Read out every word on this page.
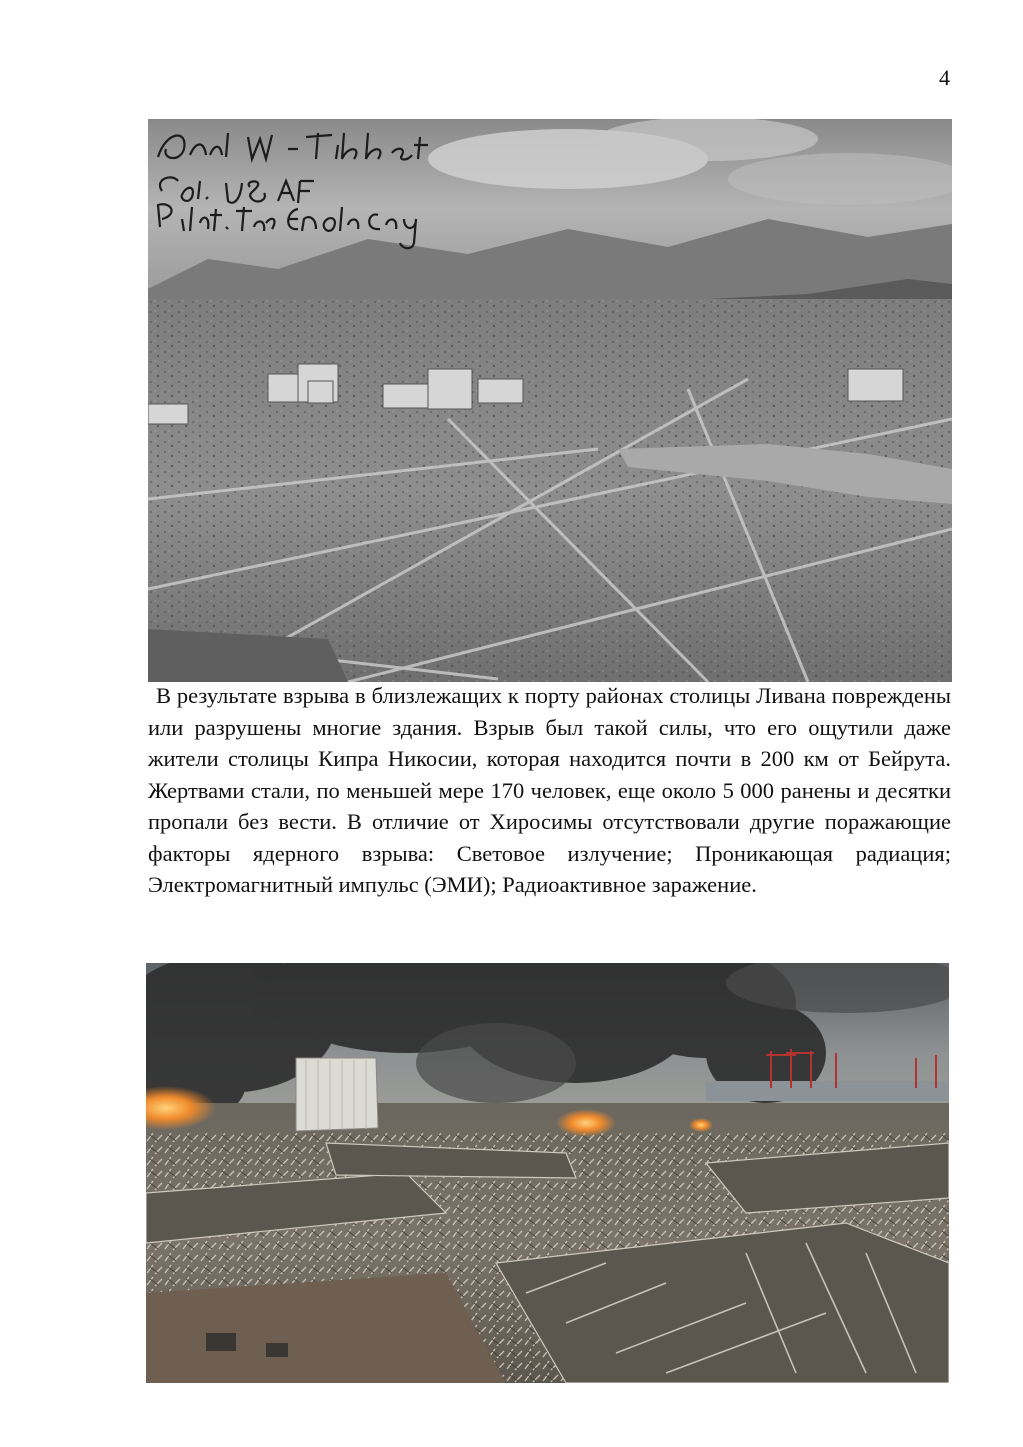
4

В результате взрыва в близлежащих к порту районах столицы Ливана повреждены или разрушены многие здания. Взрыв был такой силы, что его ощутили даже жители столицы Кипра Никосии, которая находится почти в 200 км от Бейрута. Жертвами стали, по меньшей мере 170 человек, еще около 5 000 ранены и десятки пропали без вести. В отличие от Хиросимы отсутствовали другие поражающие факторы ядерного взрыва: Световое излучение; Проникающая радиация; Электромагнитный импульс (ЭМИ); Радиоактивное заражение.
